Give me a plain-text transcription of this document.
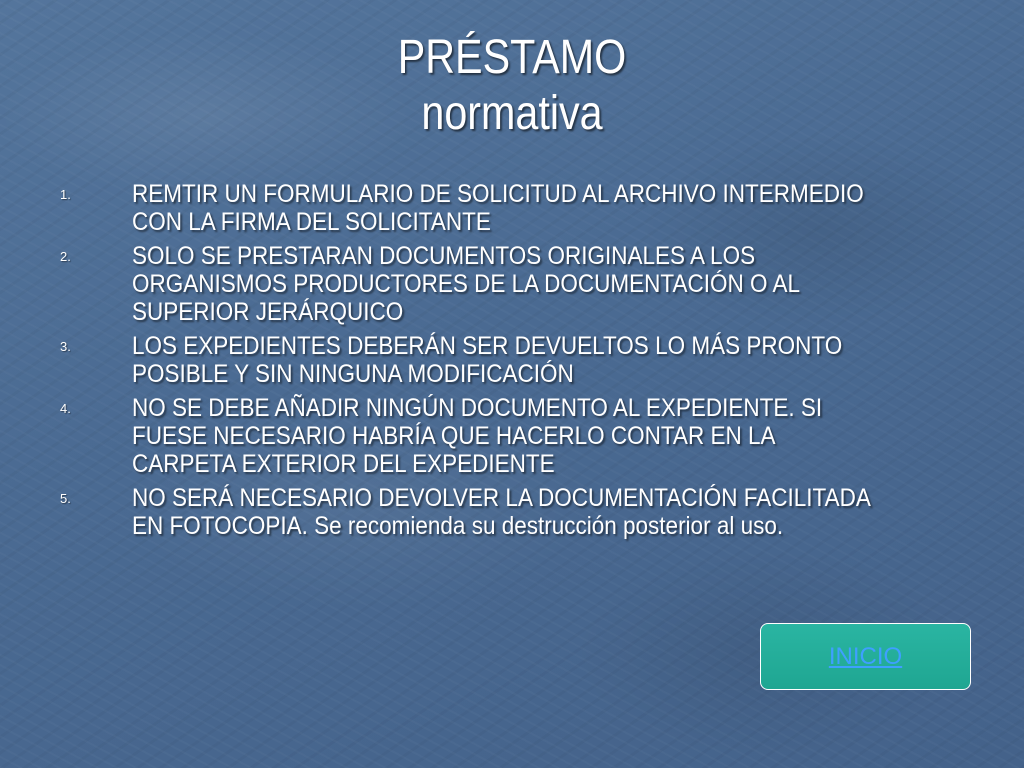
PRÉSTAMO
normativa
1. REMTIR UN FORMULARIO DE SOLICITUD AL ARCHIVO INTERMEDIO CON LA FIRMA DEL SOLICITANTE
2. SOLO SE PRESTARAN DOCUMENTOS ORIGINALES A LOS ORGANISMOS PRODUCTORES DE LA DOCUMENTACIÓN O AL SUPERIOR JERÁRQUICO
3. LOS EXPEDIENTES DEBERÁN SER DEVUELTOS LO MÁS PRONTO POSIBLE Y SIN NINGUNA MODIFICACIÓN
4. NO SE DEBE AÑADIR NINGÚN DOCUMENTO AL EXPEDIENTE. SI FUESE NECESARIO HABRÍA QUE HACERLO CONTAR EN LA CARPETA EXTERIOR DEL EXPEDIENTE
5. NO SERÁ NECESARIO DEVOLVER LA DOCUMENTACIÓN FACILITADA EN FOTOCOPIA. Se recomienda su destrucción posterior al uso.
INICIO
